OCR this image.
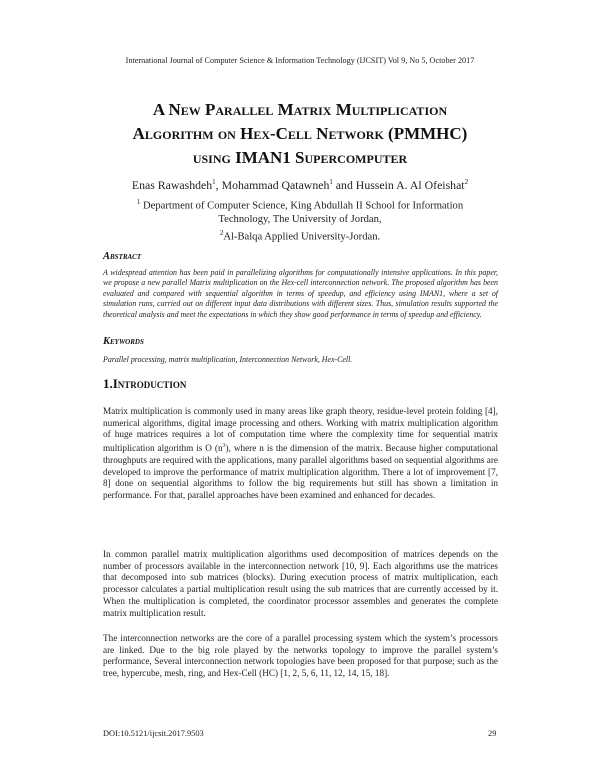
International Journal of Computer Science & Information Technology (IJCSIT) Vol 9, No 5, October 2017
A New Parallel Matrix Multiplication
Algorithm on Hex-Cell Network (PMMHC)
using IMAN1 Supercomputer
Enas Rawashdeh$^1$, Mohammad Qatawneh$^1$ and Hussein A. Al Ofeishat$^2$
$^1$ Department of Computer Science, King Abdullah II School for Information
Technology, The University of Jordan,
$^2$Al-Balqa Applied University-Jordan.
Abstract
A widespread attention has been paid in parallelizing algorithms for computationally intensive applications. In this paper, we propose a new parallel Matrix multiplication on the Hex-cell interconnection network. The proposed algorithm has been evaluated and compared with sequential algorithm in terms of speedup, and efficiency using IMAN1, where a set of simulation runs, carried out on different input data distributions with different sizes. Thus, simulation results supported the theoretical analysis and meet the expectations in which they show good performance in terms of speedup and efficiency.
Keywords
Parallel processing, matrix multiplication, Interconnection Network, Hex-Cell.
1.Introduction
Matrix multiplication is commonly used in many areas like graph theory, residue-level protein folding [4], numerical algorithms, digital image processing and others. Working with matrix multiplication algorithm of huge matrices requires a lot of computation time where the complexity time for sequential matrix multiplication algorithm is O $(n^3)$, where n is the dimension of the matrix. Because higher computational throughputs are required with the applications, many parallel algorithms based on sequential algorithms are developed to improve the performance of matrix multiplication algorithm. There a lot of improvement [7, 8] done on sequential algorithms to follow the big requirements but still has shown a limitation in performance. For that, parallel approaches have been examined and enhanced for decades.
In common parallel matrix multiplication algorithms used decomposition of matrices depends on the number of processors available in the interconnection network [10, 9]. Each algorithms use the matrices that decomposed into sub matrices (blocks). During execution process of matrix multiplication, each processor calculates a partial multiplication result using the sub matrices that are currently accessed by it. When the multiplication is completed, the coordinator processor assembles and generates the complete matrix multiplication result.
The interconnection networks are the core of a parallel processing system which the system’s processors are linked. Due to the big role played by the networks topology to improve the parallel system’s performance, Several interconnection network topologies have been proposed for that purpose; such as the tree, hypercube, mesh, ring, and Hex-Cell (HC) [1, 2, 5, 6, 11, 12, 14, 15, 18].
DOI:10.5121/ijcsit.2017.9503	29
